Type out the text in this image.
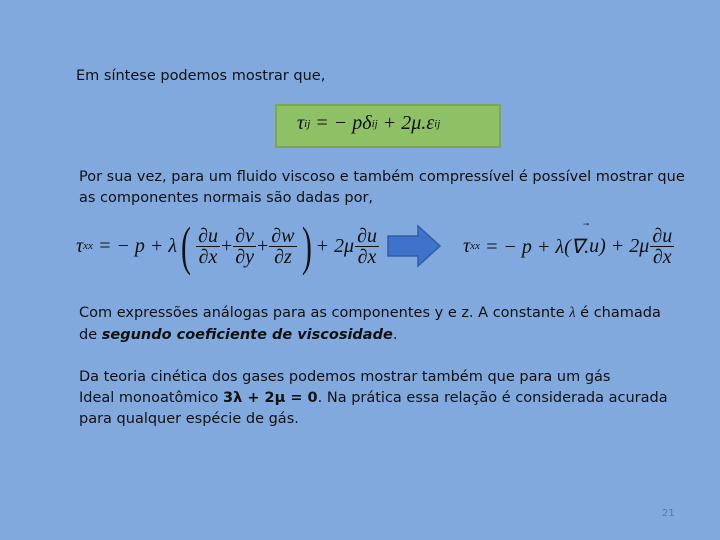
Em síntese podemos mostrar que,
τ ij
= − pδ ij
+ 2μ.ε ij
Por sua vez, para um fluido viscoso e também compressível é possível mostrar que
as componentes normais são dadas por,
τ xx
= − p + λ ( $\frac{\partial u}{\partial x} + \frac{\partial v}{\partial y} + \frac{\partial w}{\partial z}$ ) + $2\mu \frac{\partial u}{\partial x}$	τ xx
= − p + λ(∇. u ) + $2\mu \frac{\partial u}{\partial x}$
Com expressões análogas para as componentes y e z. A constante λ é chamada
de segundo coeficiente de viscosidade.
Da teoria cinética dos gases podemos mostrar também que para um gás
Ideal monoatômico 3λ + 2μ = 0. Na prática essa relação é considerada acurada
para qualquer espécie de gás.
21
